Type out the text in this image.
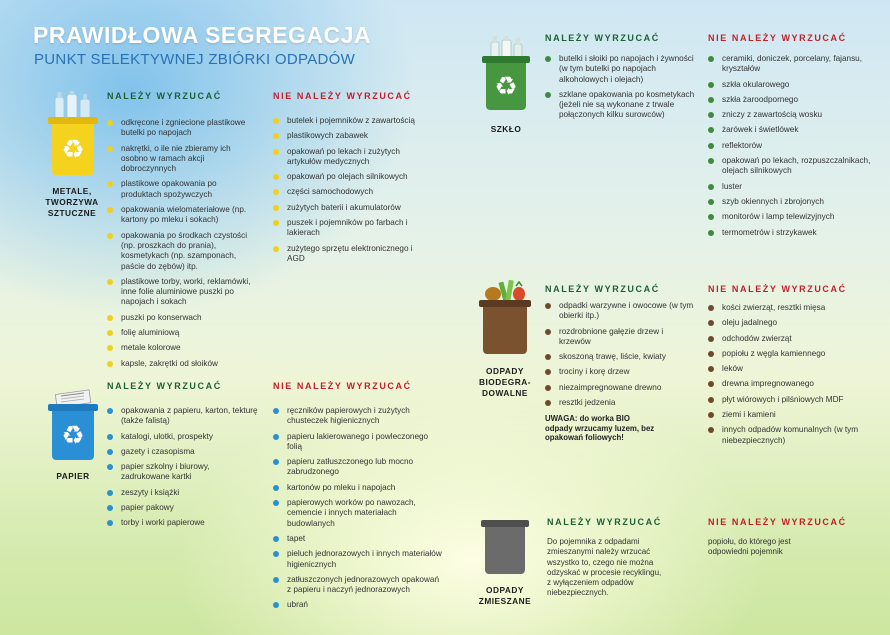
PRAWIDŁOWA SEGREGACJA
PUNKT SELEKTYWNEJ ZBIÓRKI ODPADÓW
♻
METALE,
TWORZYWA
SZTUCZNE
NALEŻY WYRZUCAĆ
odkręcone i zgniecione plastikowe butelki po napojach
nakrętki, o ile nie zbieramy ich osobno w ramach akcji dobroczynnych
plastikowe opakowania po produktach spożywczych
opakowania wielomateriałowe (np. kartony po mleku i sokach)
opakowania po środkach czystości (np. proszkach do prania), kosmetykach (np. szamponach, paście do zębów) itp.
plastikowe torby, worki, reklamówki, inne folie aluminiowe puszki po napojach i sokach
puszki po konserwach
folię aluminiową
metale kolorowe
kapsle, zakrętki od słoików
NIE NALEŻY WYRZUCAĆ
butelek i pojemników z zawartością
plastikowych zabawek
opakowań po lekach i zużytych artykułów medycznych
opakowań po olejach silnikowych
części samochodowych
zużytych baterii i akumulatorów
puszek i pojemników po farbach i lakierach
zużytego sprzętu elektronicznego i AGD
♻
PAPIER
NALEŻY WYRZUCAĆ
opakowania z papieru, karton, tekturę (także falistą)
katalogi, ulotki, prospekty
gazety i czasopisma
papier szkolny i biurowy, zadrukowane kartki
zeszyty i książki
papier pakowy
torby i worki papierowe
NIE NALEŻY WYRZUCAĆ
ręczników papierowych i zużytych chusteczek higienicznych
papieru lakierowanego i powleczonego folią
papieru zatłuszczonego lub mocno zabrudzonego
kartonów po mleku i napojach
papierowych worków po nawozach, cemencie i innych materiałach budowlanych
tapet
pieluch jednorazowych i innych materiałów higienicznych
zatłuszczonych jednorazowych opakowań z papieru i naczyń jednorazowych
ubrań
♻
SZKŁO
NALEŻY WYRZUCAĆ
butelki i słoiki po napojach i żywności (w tym butelki po napojach alkoholowych i olejach)
szklane opakowania po kosmetykach (jeżeli nie są wykonane z trwale połączonych kilku surowców)
NIE NALEŻY WYRZUCAĆ
ceramiki, doniczek, porcelany, fajansu, kryształów
szkła okularowego
szkła żaroodpornego
zniczy z zawartością wosku
żarówek i świetlówek
reflektorów
opakowań po lekach, rozpuszczalnikach, olejach silnikowych
luster
szyb okiennych i zbrojonych
monitorów i lamp telewizyjnych
termometrów i strzykawek
ODPADY
BIODEGRA-
DOWALNE
NALEŻY WYRZUCAĆ
odpadki warzywne i owocowe (w tym obierki itp.)
rozdrobnione gałęzie drzew i krzewów
skoszoną trawę, liście, kwiaty
trociny i korę drzew
niezaimpregnowane drewno
resztki jedzenia
UWAGA: do worka BIO odpady wrzucamy luzem, bez opakowań foliowych!
NIE NALEŻY WYRZUCAĆ
kości zwierząt, resztki mięsa
oleju jadalnego
odchodów zwierząt
popiołu z węgla kamiennego
leków
drewna impregnowanego
płyt wiórowych i pilśniowych MDF
ziemi i kamieni
innych odpadów komunalnych (w tym niebezpiecznych)
ODPADY
ZMIESZANE
NALEŻY WYRZUCAĆ
Do pojemnika z odpadami zmieszanymi należy wrzucać wszystko to, czego nie można odzyskać w procesie recyklingu, z wyłączeniem odpadów niebezpiecznych.
NIE NALEŻY WYRZUCAĆ
popiołu, do którego jest odpowiedni pojemnik
